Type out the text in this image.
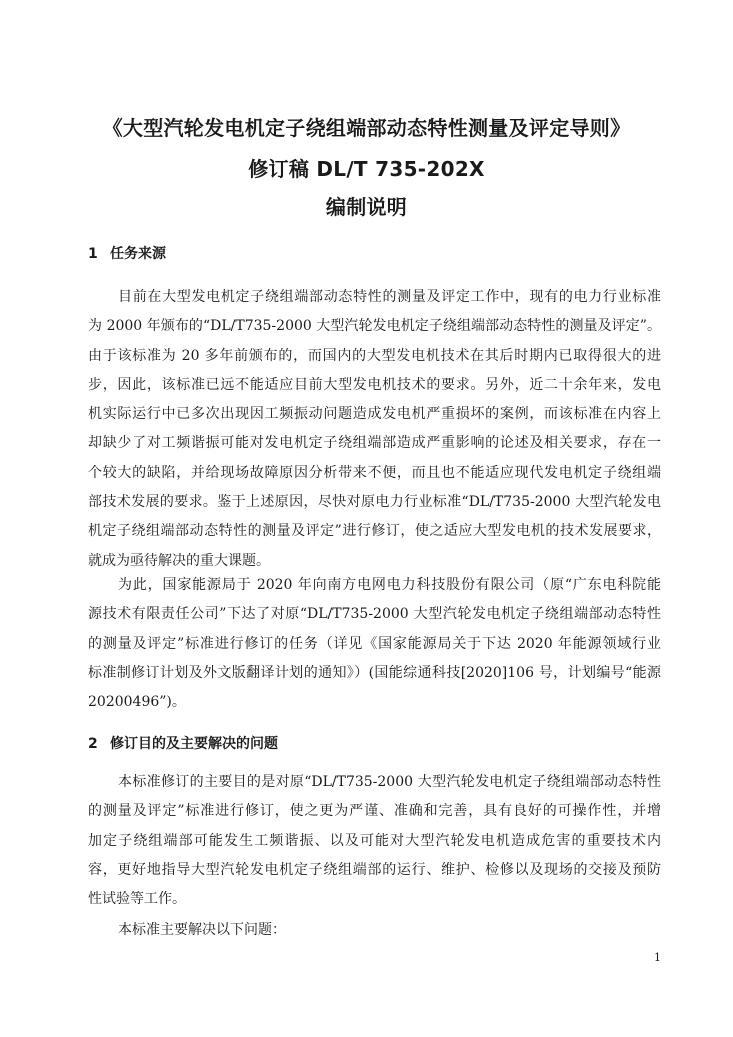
《大型汽轮发电机定子绕组端部动态特性测量及评定导则》
修订稿 DL/T 735-202X
编制说明
1 任务来源
目前在大型发电机定子绕组端部动态特性的测量及评定工作中，现有的电力行业标准
为 2000 年颁布的“DL/T735-2000 大型汽轮发电机定子绕组端部动态特性的测量及评定”。
由于该标准为 20 多年前颁布的，而国内的大型发电机技术在其后时期内已取得很大的进
步，因此，该标准已远不能适应目前大型发电机技术的要求。另外，近二十余年来，发电
机实际运行中已多次出现因工频振动问题造成发电机严重损坏的案例，而该标准在内容上
却缺少了对工频谐振可能对发电机定子绕组端部造成严重影响的论述及相关要求，存在一
个较大的缺陷，并给现场故障原因分析带来不便，而且也不能适应现代发电机定子绕组端
部技术发展的要求。鉴于上述原因，尽快对原电力行业标准“DL/T735-2000 大型汽轮发电
机定子绕组端部动态特性的测量及评定”进行修订，使之适应大型发电机的技术发展要求，
就成为亟待解决的重大课题。
为此，国家能源局于 2020 年向南方电网电力科技股份有限公司（原“广东电科院能
源技术有限责任公司”下达了对原“DL/T735-2000 大型汽轮发电机定子绕组端部动态特性
的测量及评定”标准进行修订的任务（详见《国家能源局关于下达 2020 年能源领域行业
标准制修订计划及外文版翻译计划的通知》）(国能综通科技[2020]106 号，计划编号“能源
20200496”)。
2 修订目的及主要解决的问题
本标准修订的主要目的是对原“DL/T735-2000 大型汽轮发电机定子绕组端部动态特性
的测量及评定”标准进行修订，使之更为严谨、准确和完善，具有良好的可操作性，并增
加定子绕组端部可能发生工频谐振、以及可能对大型汽轮发电机造成危害的重要技术内
容，更好地指导大型汽轮发电机定子绕组端部的运行、维护、检修以及现场的交接及预防
性试验等工作。
本标准主要解决以下问题：
1
